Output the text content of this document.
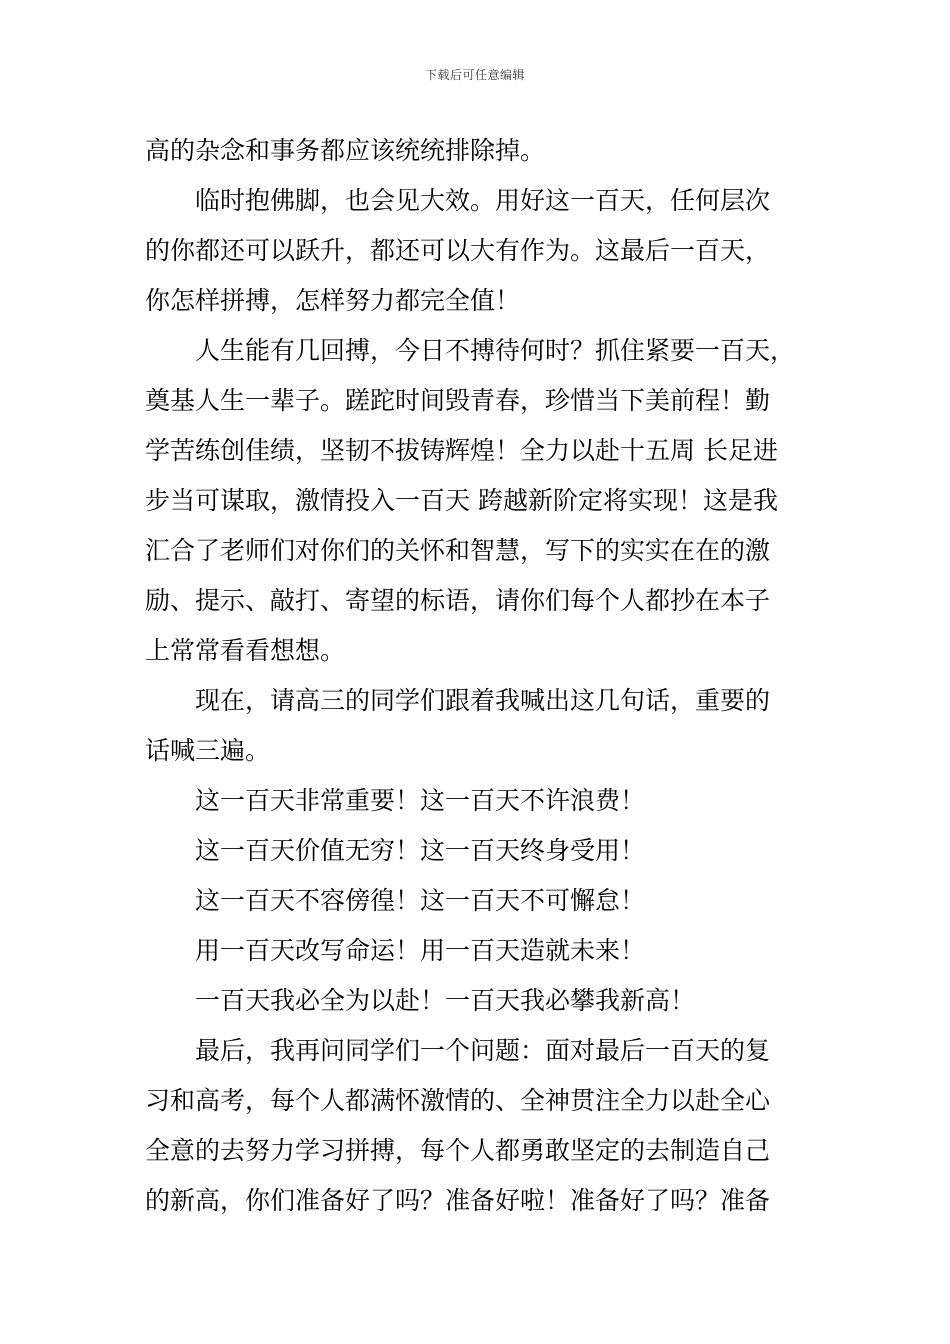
下载后可任意编辑
高的杂念和事务都应该统统排除掉。
临时抱佛脚，也会见大效。用好这一百天，任何层次
的你都还可以跃升，都还可以大有作为。这最后一百天，
你怎样拼搏，怎样努力都完全值！
人生能有几回搏，今日不搏待何时？抓住紧要一百天，
奠基人生一辈子。蹉跎时间毁青春，珍惜当下美前程！勤
学苦练创佳绩，坚韧不拔铸辉煌！全力以赴十五周 长足进
步当可谋取，激情投入一百天 跨越新阶定将实现！这是我
汇合了老师们对你们的关怀和智慧，写下的实实在在的激
励、提示、敲打、寄望的标语，请你们每个人都抄在本子
上常常看看想想。
现在，请高三的同学们跟着我喊出这几句话，重要的
话喊三遍。
这一百天非常重要！这一百天不许浪费！
这一百天价值无穷！这一百天终身受用！
这一百天不容傍徨！这一百天不可懈怠！
用一百天改写命运！用一百天造就未来！
一百天我必全为以赴！一百天我必攀我新高！
最后，我再问同学们一个问题：面对最后一百天的复
习和高考，每个人都满怀激情的、全神贯注全力以赴全心
全意的去努力学习拼搏，每个人都勇敢坚定的去制造自己
的新高，你们准备好了吗？准备好啦！准备好了吗？准备
